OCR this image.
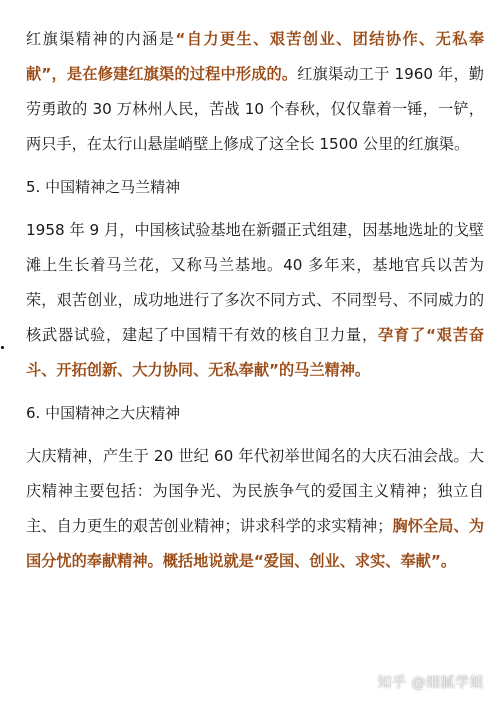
红旗渠精神的内涵是“自力更生、艰苦创业、团结协作、无私奉献”，是在修建红旗渠的过程中形成的。红旗渠动工于 1960 年，勤劳勇敢的 30 万林州人民，苦战 10 个春秋，仅仅靠着一锤，一铲，两只手，在太行山悬崖峭壁上修成了这全长 1500 公里的红旗渠。

5. 中国精神之马兰精神

1958 年 9 月，中国核试验基地在新疆正式组建，因基地选址的戈壁滩上生长着马兰花，又称马兰基地。40 多年来，基地官兵以苦为荣，艰苦创业，成功地进行了多次不同方式、不同型号、不同威力的核武器试验，建起了中国精干有效的核自卫力量，孕育了“艰苦奋斗、开拓创新、大力协同、无私奉献”的马兰精神。

6. 中国精神之大庆精神

大庆精神，产生于 20 世纪 60 年代初举世闻名的大庆石油会战。大庆精神主要包括：为国争光、为民族争气的爱国主义精神；独立自主、自力更生的艰苦创业精神；讲求科学的求实精神；胸怀全局、为国分忧的奉献精神。概括地说就是“爱国、创业、求实、奉献”。

知乎 @细腻学姐
